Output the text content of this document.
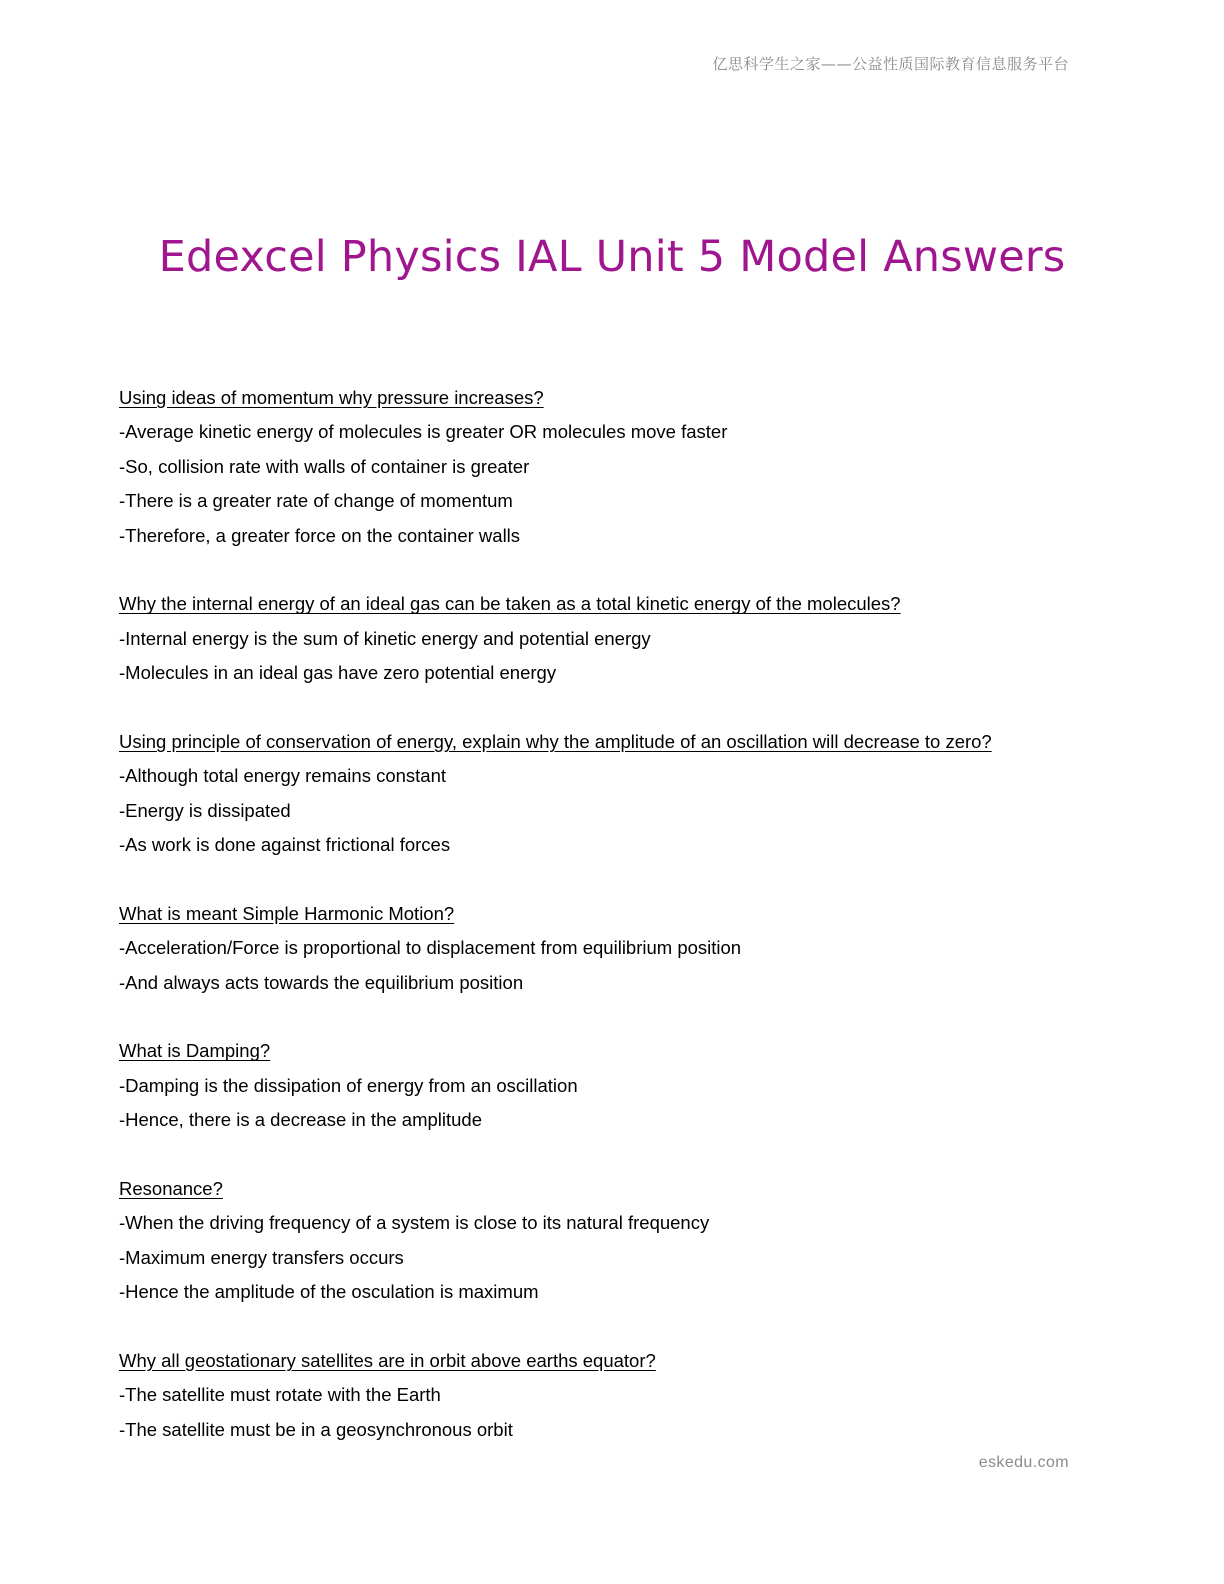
亿思科学生之家——公益性质国际教育信息服务平台
Edexcel Physics IAL Unit 5 Model Answers
Using ideas of momentum why pressure increases?
-Average kinetic energy of molecules is greater OR molecules move faster
-So, collision rate with walls of container is greater
-There is a greater rate of change of momentum
-Therefore, a greater force on the container walls
Why the internal energy of an ideal gas can be taken as a total kinetic energy of the molecules?
-Internal energy is the sum of kinetic energy and potential energy
-Molecules in an ideal gas have zero potential energy
Using principle of conservation of energy, explain why the amplitude of an oscillation will decrease to zero?
-Although total energy remains constant
-Energy is dissipated
-As work is done against frictional forces
What is meant Simple Harmonic Motion?
-Acceleration/Force is proportional to displacement from equilibrium position
-And always acts towards the equilibrium position
What is Damping?
-Damping is the dissipation of energy from an oscillation
-Hence, there is a decrease in the amplitude
Resonance?
-When the driving frequency of a system is close to its natural frequency
-Maximum energy transfers occurs
-Hence the amplitude of the osculation is maximum
Why all geostationary satellites are in orbit above earths equator?
-The satellite must rotate with the Earth
-The satellite must be in a geosynchronous orbit
eskedu.com
